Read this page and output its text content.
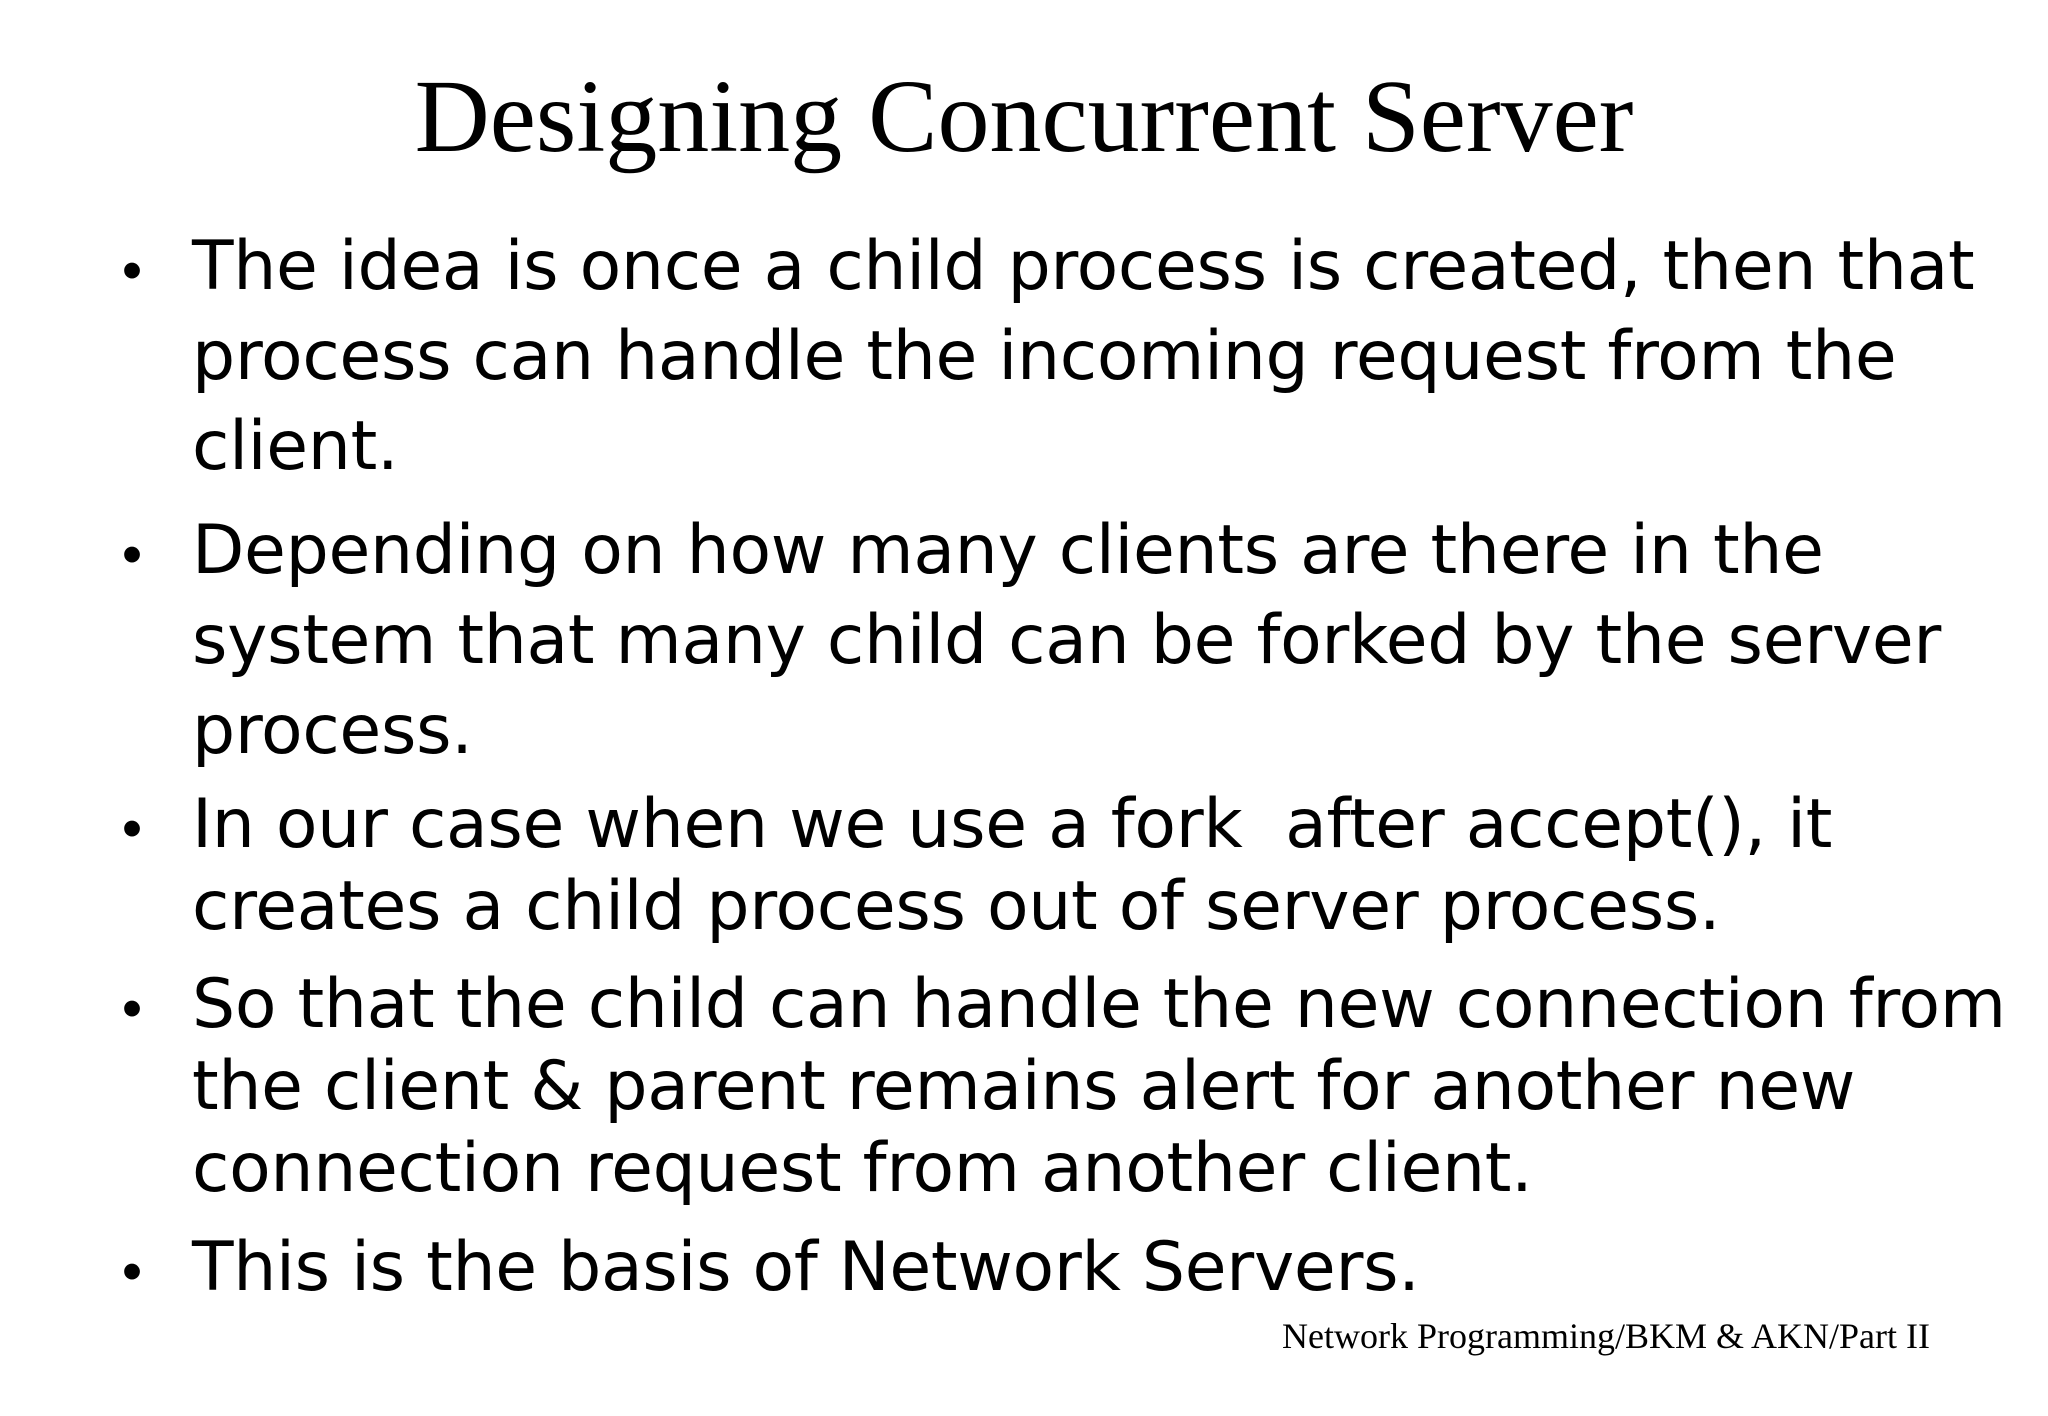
Designing Concurrent Server
• The idea is once a child process is created, then that
process can handle the incoming request from the
client.
• Depending on how many clients are there in the
system that many child can be forked by the server
process.
• In our case when we use a fork  after accept(), it
creates a child process out of server process.
• So that the child can handle the new connection from
the client & parent remains alert for another new
connection request from another client.
• This is the basis of Network Servers.

Network Programming/BKM & AKN/Part II
